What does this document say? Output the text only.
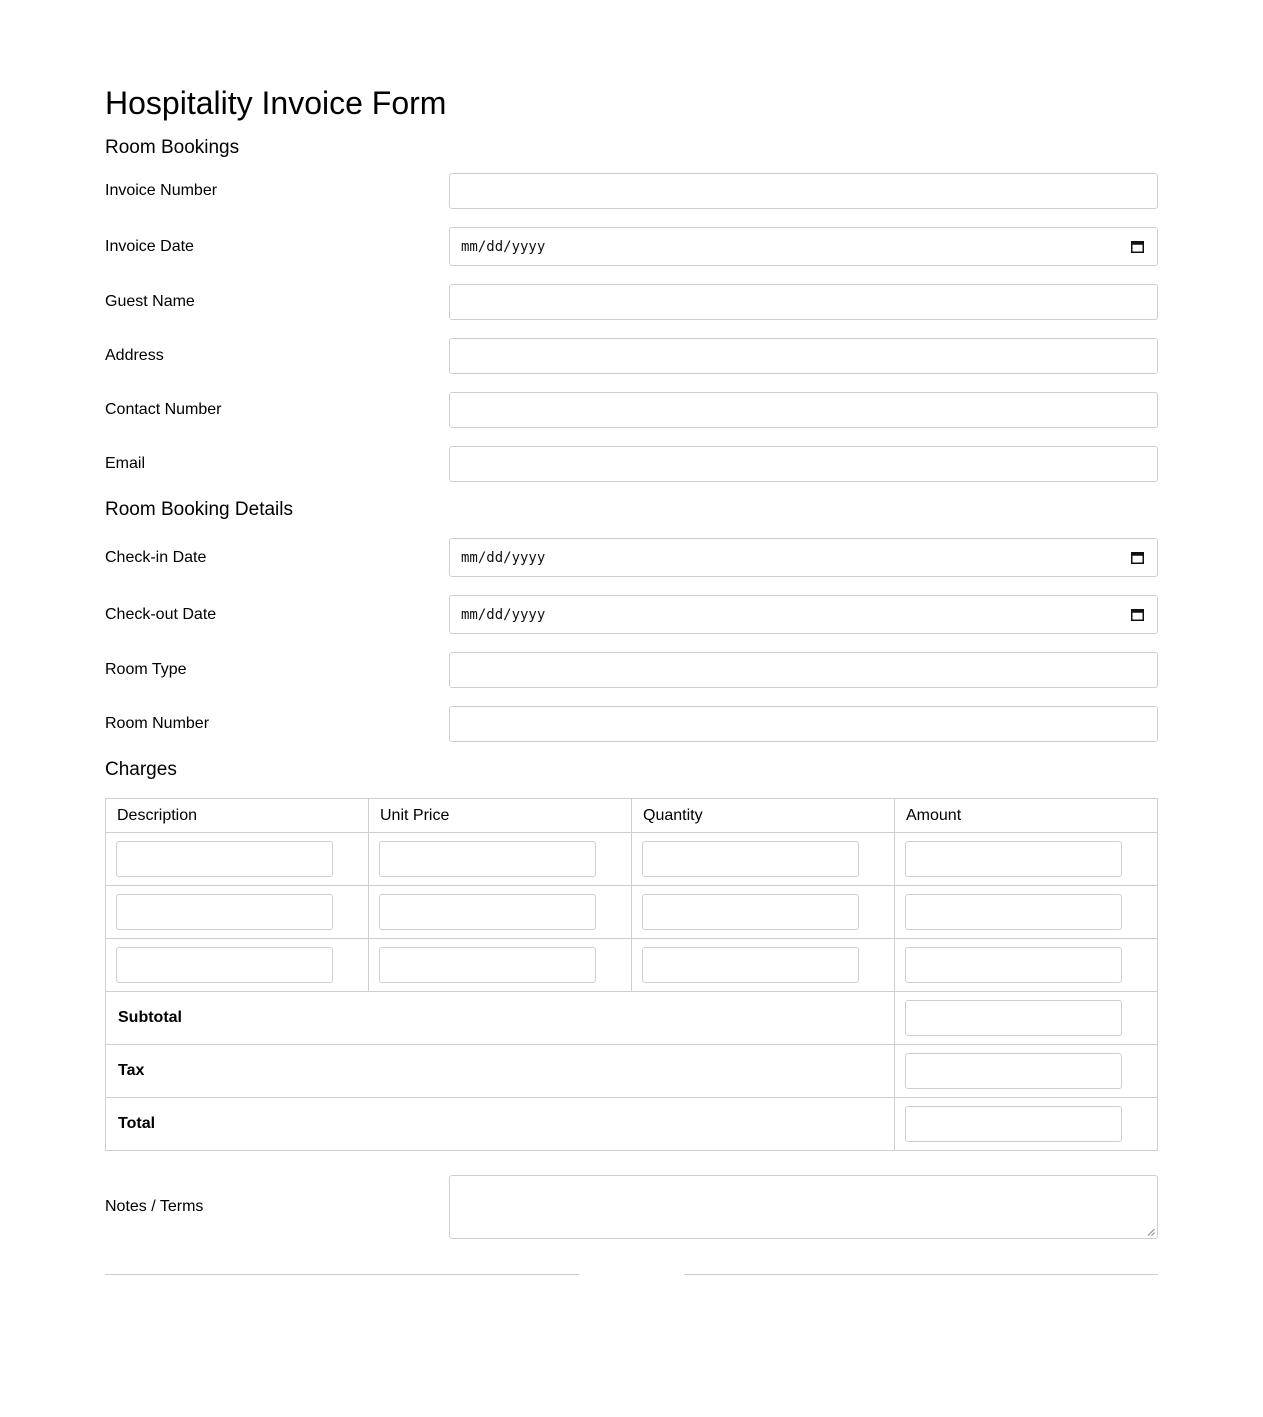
Hospitality Invoice Form
Room Bookings
Invoice Number
Invoice Date	mm/dd/yyyy
Guest Name
Address
Contact Number
Email
Room Booking Details
Check-in Date	mm/dd/yyyy
Check-out Date	mm/dd/yyyy
Room Type
Room Number
Charges
Description	Unit Price	Quantity	Amount

Subtotal			

Tax			

Total			
Notes / Terms
